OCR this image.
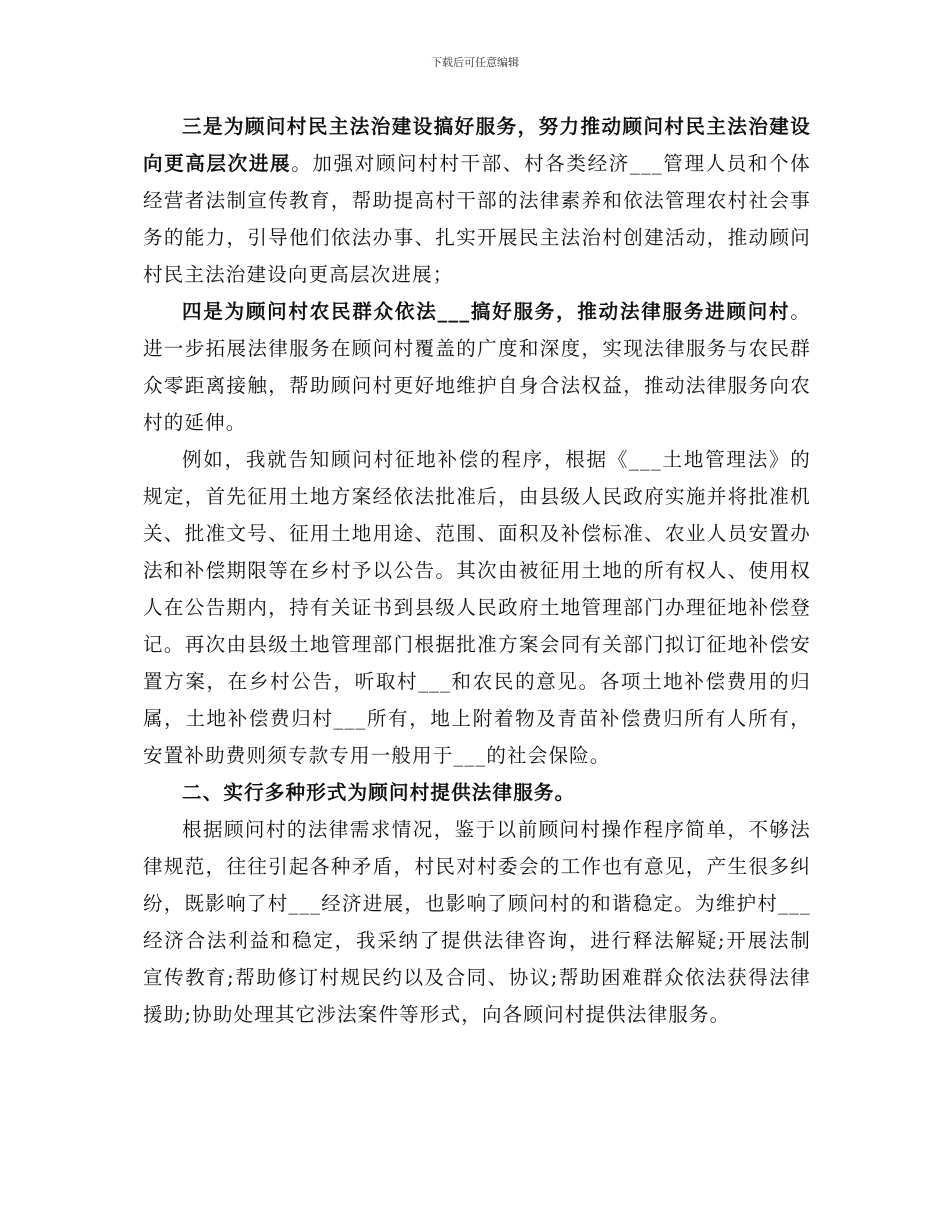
下载后可任意编辑

三是为顾问村民主法治建设搞好服务，努力推动顾问村民主法治建设向更高层次进展。加强对顾问村村干部、村各类经济___管理人员和个体经营者法制宣传教育，帮助提高村干部的法律素养和依法管理农村社会事务的能力，引导他们依法办事、扎实开展民主法治村创建活动，推动顾问村民主法治建设向更高层次进展；

四是为顾问村农民群众依法___搞好服务，推动法律服务进顾问村。进一步拓展法律服务在顾问村覆盖的广度和深度，实现法律服务与农民群众零距离接触，帮助顾问村更好地维护自身合法权益，推动法律服务向农村的延伸。

例如，我就告知顾问村征地补偿的程序，根据《___土地管理法》的规定，首先征用土地方案经依法批准后，由县级人民政府实施并将批准机关、批准文号、征用土地用途、范围、面积及补偿标准、农业人员安置办法和补偿期限等在乡村予以公告。其次由被征用土地的所有权人、使用权人在公告期内，持有关证书到县级人民政府土地管理部门办理征地补偿登记。再次由县级土地管理部门根据批准方案会同有关部门拟订征地补偿安置方案，在乡村公告，听取村___和农民的意见。各项土地补偿费用的归属，土地补偿费归村___所有，地上附着物及青苗补偿费归所有人所有，安置补助费则须专款专用一般用于___的社会保险。

二、实行多种形式为顾问村提供法律服务。

根据顾问村的法律需求情况，鉴于以前顾问村操作程序简单，不够法律规范，往往引起各种矛盾，村民对村委会的工作也有意见，产生很多纠纷，既影响了村___经济进展，也影响了顾问村的和谐稳定。为维护村___经济合法利益和稳定，我采纳了提供法律咨询，进行释法解疑;开展法制宣传教育;帮助修订村规民约以及合同、协议;帮助困难群众依法获得法律援助;协助处理其它涉法案件等形式，向各顾问村提供法律服务。
